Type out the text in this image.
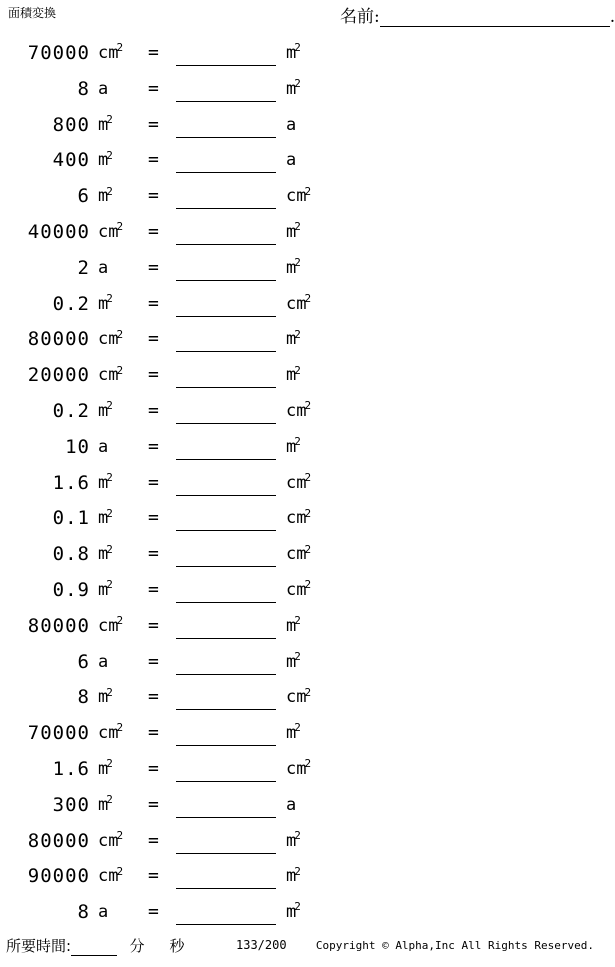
面積変換	名前:	.
70000 $cm^2$	=	$m^2$
8 a	=	$m^2$
800 $m^2$	=	a
400 $m^2$	=	a
6 $m^2$	=	$cm^2$
40000 $cm^2$	=	$m^2$
2 a	=	$m^2$
0.2 $m^2$	=	$cm^2$
80000 $cm^2$	=	$m^2$
20000 $cm^2$	=	$m^2$
0.2 $m^2$	=	$cm^2$
10 a	=	$m^2$
1.6 $m^2$	=	$cm^2$
0.1 $m^2$	=	$cm^2$
0.8 $m^2$	=	$cm^2$
0.9 $m^2$	=	$cm^2$
80000 $cm^2$	=	$m^2$
6 a	=	$m^2$
8 $m^2$	=	$cm^2$
70000 $cm^2$	=	$m^2$
1.6 $m^2$	=	$cm^2$
300 $m^2$	=	a
80000 $cm^2$	=	$m^2$
90000 $cm^2$	=	$m^2$
8 a	=	$m^2$
所要時間:	分 秒	133/200	Copyright © Alpha,Inc All Rights Reserved.
